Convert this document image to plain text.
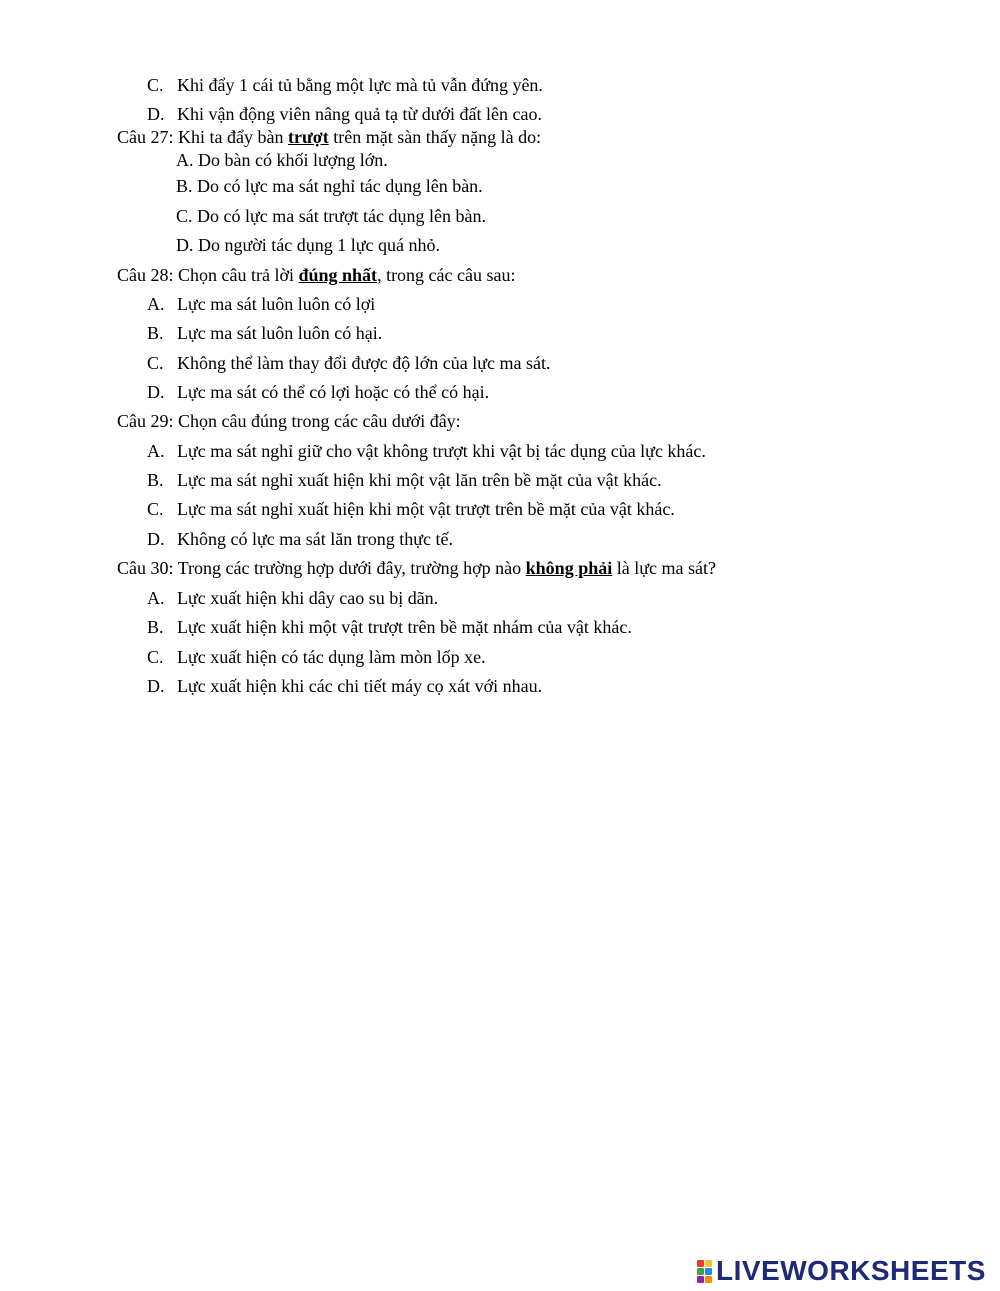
C. Khi đẩy 1 cái tủ bằng một lực mà tủ vẫn đứng yên.
D. Khi vận động viên nâng quả tạ từ dưới đất lên cao.
Câu 27: Khi ta đẩy bàn trượt trên mặt sàn thấy nặng là do:
A. Do bàn có khối lượng lớn.
B. Do có lực ma sát nghỉ tác dụng lên bàn.
C. Do có lực ma sát trượt tác dụng lên bàn.
D. Do người tác dụng 1 lực quá nhỏ.
Câu 28: Chọn câu trả lời đúng nhất, trong các câu sau:
A. Lực ma sát luôn luôn có lợi
B. Lực ma sát luôn luôn có hại.
C. Không thể làm thay đổi được độ lớn của lực ma sát.
D. Lực ma sát có thể có lợi hoặc có thể có hại.
Câu 29: Chọn câu đúng trong các câu dưới đây:
A. Lực ma sát nghỉ giữ cho vật không trượt khi vật bị tác dụng của lực khác.
B. Lực ma sát nghỉ xuất hiện khi một vật lăn trên bề mặt của vật khác.
C. Lực ma sát nghỉ xuất hiện khi một vật trượt trên bề mặt của vật khác.
D. Không có lực ma sát lăn trong thực tế.
Câu 30: Trong các trường hợp dưới đây, trường hợp nào không phải là lực ma sát?
A. Lực xuất hiện khi dây cao su bị dãn.
B. Lực xuất hiện khi một vật trượt trên bề mặt nhám của vật khác.
C. Lực xuất hiện có tác dụng làm mòn lốp xe.
D. Lực xuất hiện khi các chi tiết máy cọ xát với nhau.
LIVEWORKSHEETS
